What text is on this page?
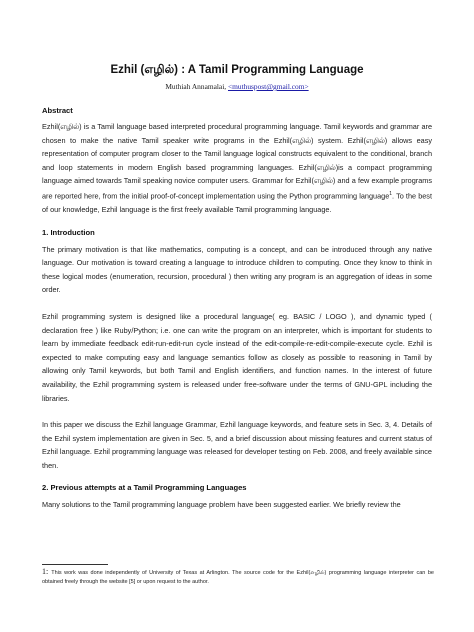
Ezhil (எழில்) : A Tamil Programming Language
Muthiah Annamalai, <muthuspost@gmail.com>
Abstract

Ezhil(எழில்) is a Tamil language based interpreted procedural programming language. Tamil keywords and grammar are chosen to make the native Tamil speaker write programs in the Ezhil(எழில்) system. Ezhil(எழில்) allows easy representation of computer program closer to the Tamil language logical constructs equivalent to the conditional, branch and loop statements in modern English based programming languages. Ezhil(எழில்)is a compact programming language aimed towards Tamil speaking novice computer users. Grammar for Ezhil(எழில்) and a few example programs are reported here, from the initial proof-of-concept implementation using the Python programming language$^1$. To the best of our knowledge, Ezhil language is the first freely available Tamil programming language.

1. Introduction

The primary motivation is that like mathematics, computing is a concept, and can be introduced through any native language. Our motivation is toward creating a language to introduce children to computing. Once they know to think in these logical modes (enumeration, recursion, procedural ) then writing any program is an aggregation of ideas in some order.

Ezhil programming system is designed like a procedural language( eg. BASIC / LOGO ), and dynamic typed ( declaration free ) like Ruby/Python; i.e. one can write the program on an interpreter, which is important for students to learn by immediate feedback edit-run-edit-run cycle instead of the edit-compile-re-edit-compile-execute cycle. Ezhil is expected to make computing easy and language semantics follow as closely as possible to reasoning in Tamil by allowing only Tamil keywords, but both Tamil and English identifiers, and function names. In the interest of future availability, the Ezhil programming system is released under free-software under the terms of GNU-GPL including the libraries.

In this paper we discuss the Ezhil language Grammar, Ezhil language keywords, and feature sets in Sec. 3, 4. Details of the Ezhil system implementation are given in Sec. 5, and a brief discussion about missing features and current status of Ezhil language. Ezhil programming language was released for developer testing on Feb. 2008, and freely available since then.

2. Previous attempts at a Tamil Programming Languages

Many solutions to the Tamil programming language problem have been suggested earlier. We briefly review the

1: This work was done independently of University of Texas at Arlington. The source code for the Ezhil(எழில்) programming language interpreter can be obtained freely through the website [5] or upon request to the author.
